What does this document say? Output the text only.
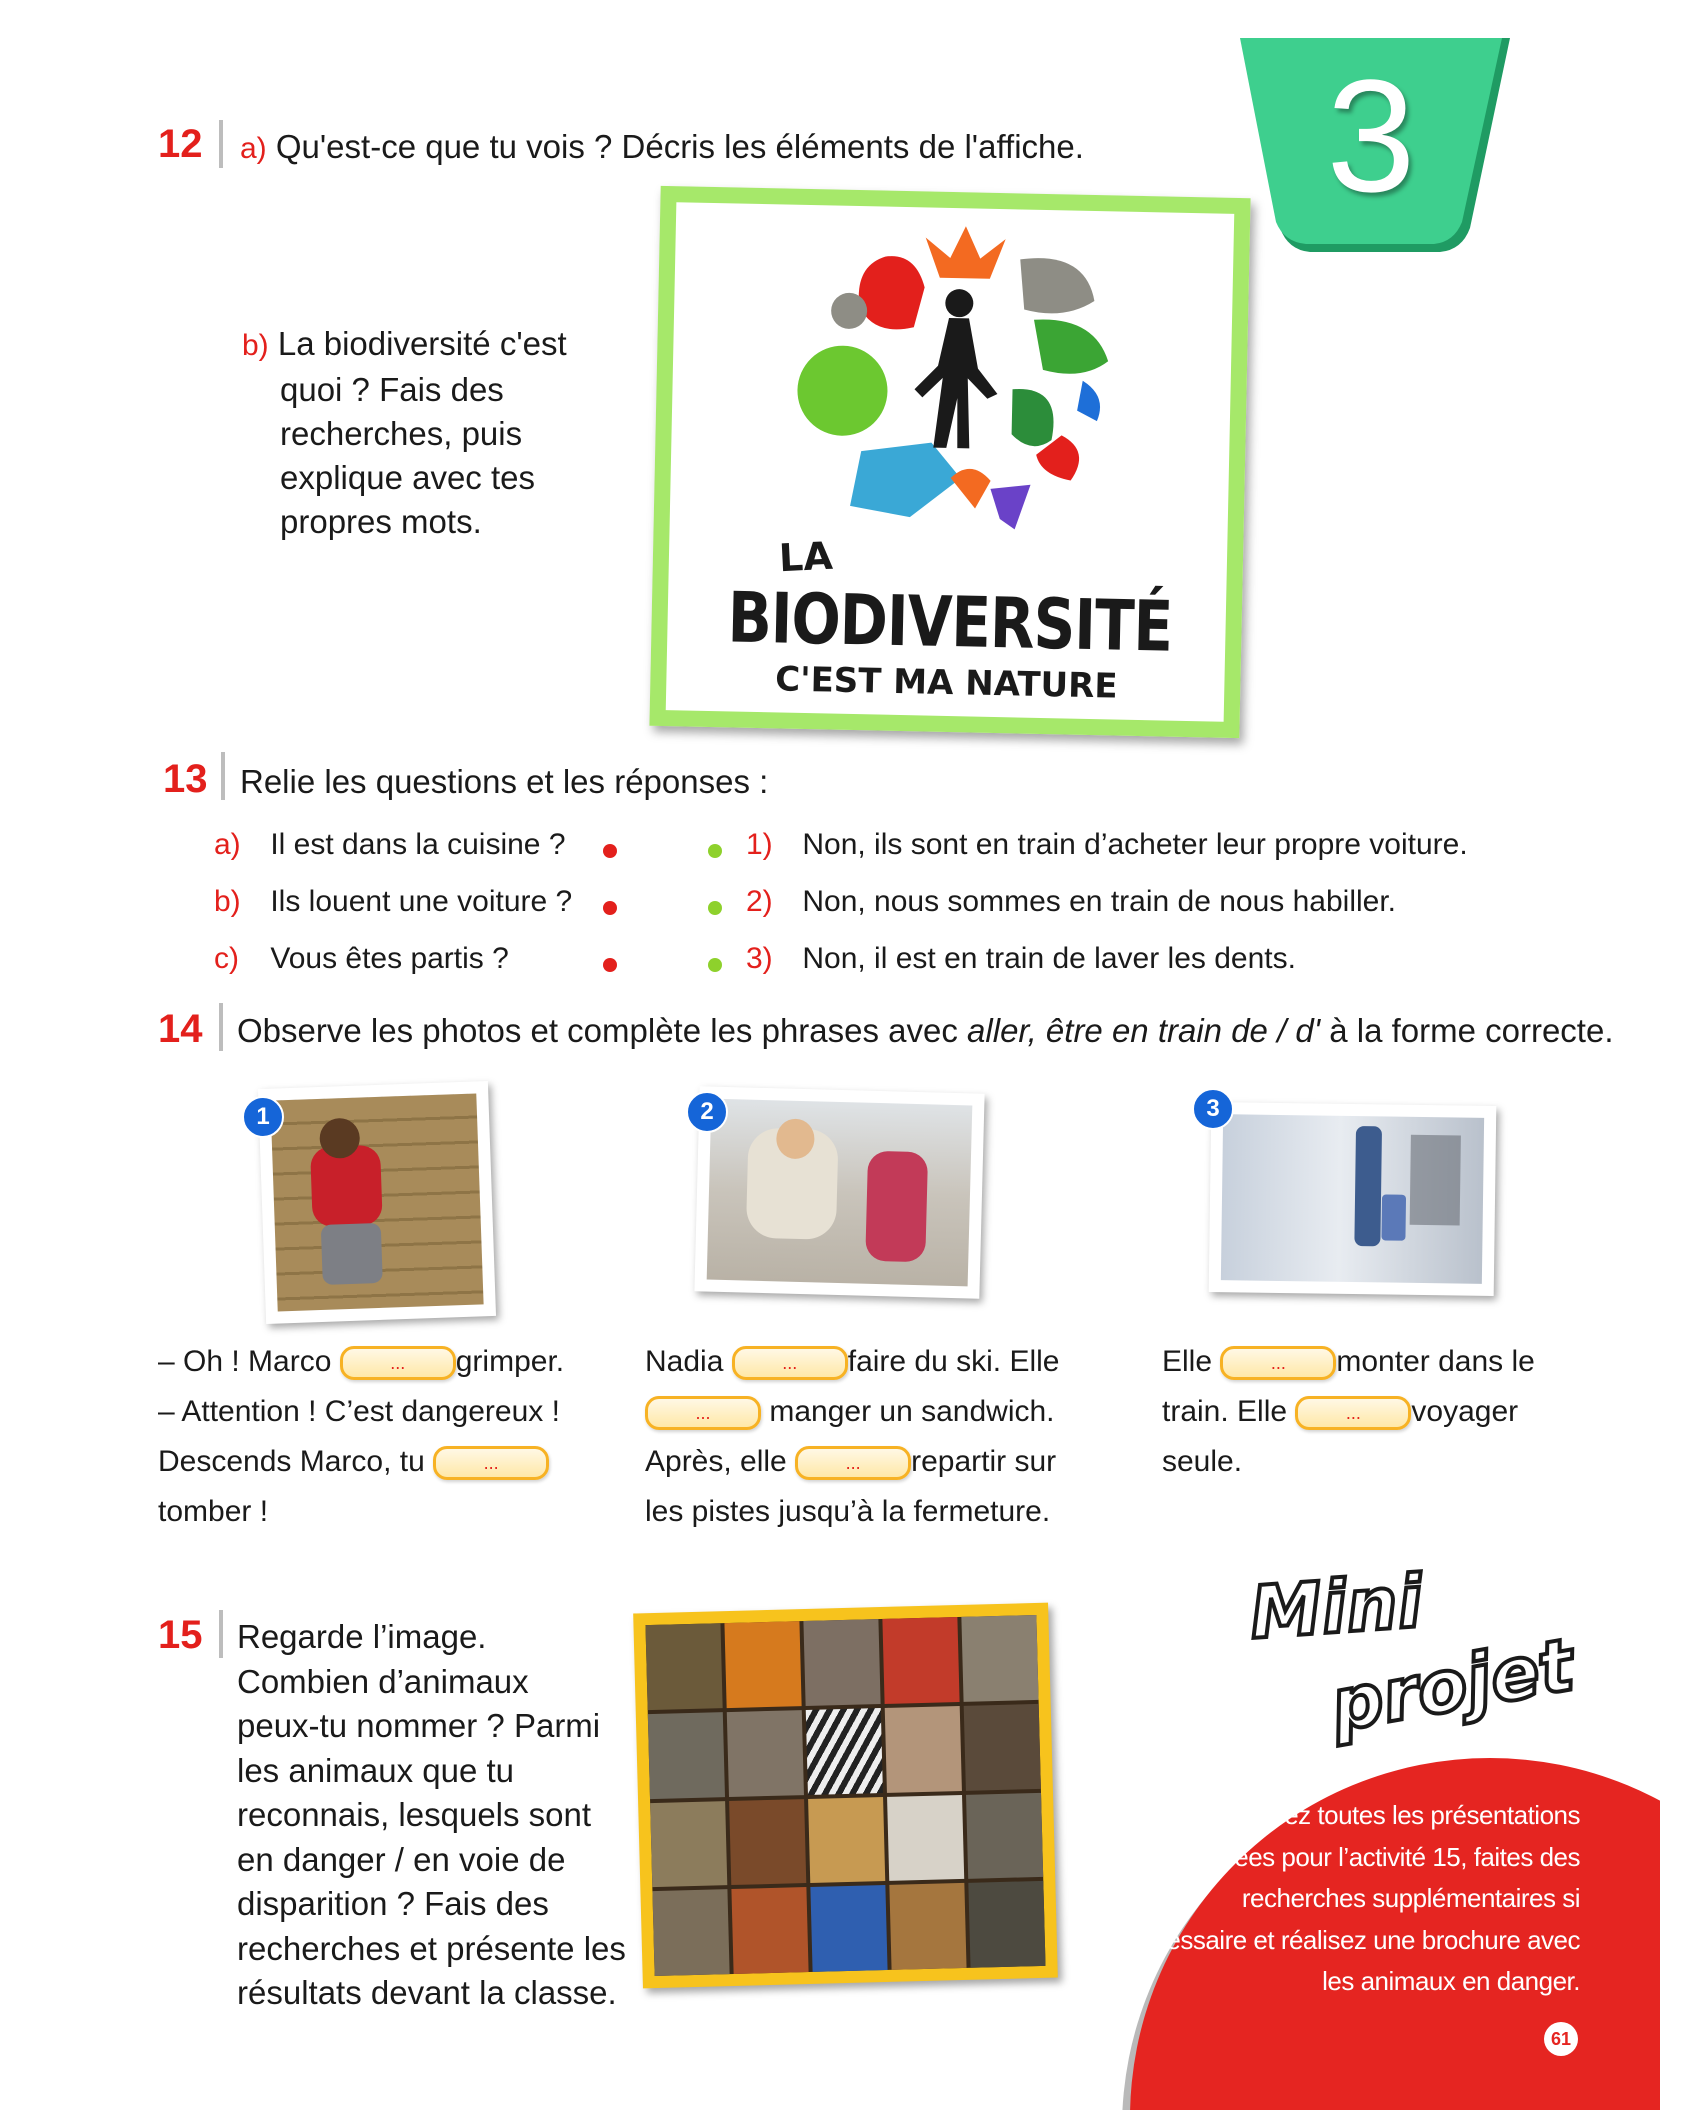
3
12 a) Qu'est-ce que tu vois ? Décris les éléments de l'affiche.
b) La biodiversité c'est
quoi ? Fais des
recherches, puis
explique avec tes
propres mots.
LA
BIODIVERSITÉ
C'EST MA NATURE
13 Relie les questions et les réponses :
a) Il est dans la cuisine ?
b) Ils louent une voiture ?
c) Vous êtes partis ?
1) Non, ils sont en train d’acheter leur propre voiture.
2) Non, nous sommes en train de nous habiller.
3) Non, il est en train de laver les dents.
14 Observe les photos et complète les phrases avec aller, être en train de / d' à la forme correcte.
1	2	3
– Oh ! Marco	... grimper.
– Attention ! C’est dangereux !
Descends Marco, tu	...
tomber !
Nadia	... faire du ski. Elle
... manger un sandwich.
Après, elle	... repartir sur
les pistes jusqu’à la fermeture.
Elle	... monter dans le
train. Elle	... voyager
seule.
15 Regarde l’image.
Combien d’animaux
peux-tu nommer ? Parmi
les animaux que tu
reconnais, lesquels sont
en danger / en voie de
disparition ? Fais des
recherches et présente les
résultats devant la classe.
Mini
projet
Utilisez toutes les présentations
réalisées pour l’activité 15, faites des
recherches supplémentaires si
nécessaire et réalisez une brochure avec
les animaux en danger.
61
